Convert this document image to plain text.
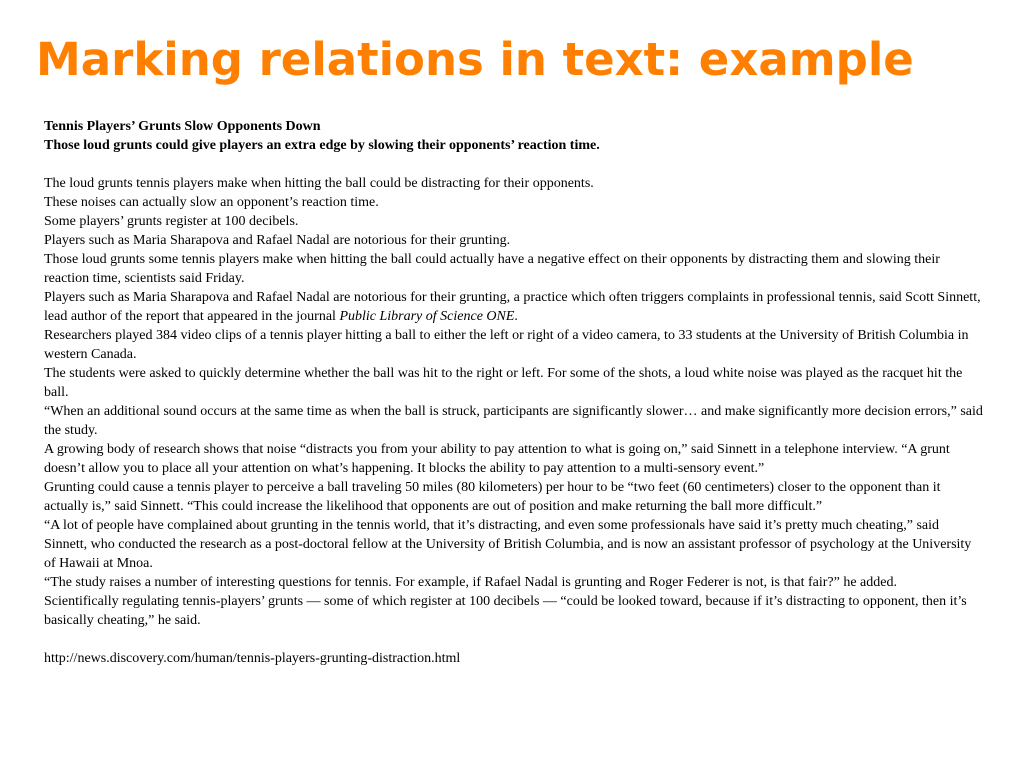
Marking relations in text: example

Tennis Players’ Grunts Slow Opponents Down

Those loud grunts could give players an extra edge by slowing their opponents’ reaction time.

The loud grunts tennis players make when hitting the ball could be distracting for their opponents.

These noises can actually slow an opponent’s reaction time.

Some players’ grunts register at 100 decibels.

Players such as Maria Sharapova and Rafael Nadal are notorious for their grunting.

Those loud grunts some tennis players make when hitting the ball could actually have a negative effect on their opponents by distracting them and slowing their reaction time, scientists said Friday.

Players such as Maria Sharapova and Rafael Nadal are notorious for their grunting, a practice which often triggers complaints in professional tennis, said Scott Sinnett, lead author of the report that appeared in the journal Public Library of Science ONE.

Researchers played 384 video clips of a tennis player hitting a ball to either the left or right of a video camera, to 33 students at the University of British Columbia in western Canada.

The students were asked to quickly determine whether the ball was hit to the right or left. For some of the shots, a loud white noise was played as the racquet hit the ball.

“When an additional sound occurs at the same time as when the ball is struck, participants are significantly slower… and make significantly more decision errors,” said the study.

A growing body of research shows that noise “distracts you from your ability to pay attention to what is going on,” said Sinnett in a telephone interview. “A grunt doesn’t allow you to place all your attention on what’s happening. It blocks the ability to pay attention to a multi-sensory event.”

Grunting could cause a tennis player to perceive a ball traveling 50 miles (80 kilometers) per hour to be “two feet (60 centimeters) closer to the opponent than it actually is,” said Sinnett. “This could increase the likelihood that opponents are out of position and make returning the ball more difficult.”

“A lot of people have complained about grunting in the tennis world, that it’s distracting, and even some professionals have said it’s pretty much cheating,” said Sinnett, who conducted the research as a post-doctoral fellow at the University of British Columbia, and is now an assistant professor of psychology at the University of Hawaii at Mnoa.

“The study raises a number of interesting questions for tennis. For example, if Rafael Nadal is grunting and Roger Federer is not, is that fair?” he added.

Scientifically regulating tennis-players’ grunts — some of which register at 100 decibels — “could be looked toward, because if it’s distracting to opponent, then it’s basically cheating,” he said.

http://news.discovery.com/human/tennis-players-grunting-distraction.html
